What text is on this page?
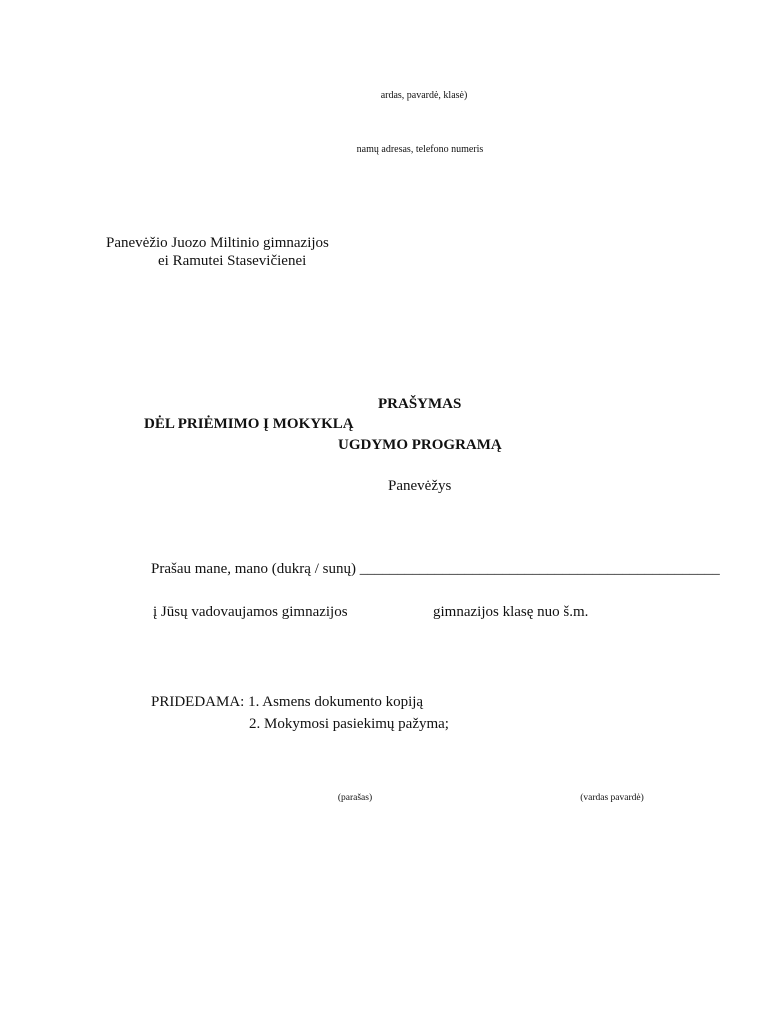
ardas, pavardė, klasė)
namų adresas, telefono numeris
Panevėžio Juozo Miltinio gimnazijos
ei Ramutei Stasevičienei
PRAŠYMAS
DĖL PRIĖMIMO Į MOKYKLĄ
UGDYMO PROGRAMĄ
Panevėžys
Prašau mane, mano (dukrą / sunų) ________________________________________________
į Jūsų vadovaujamos gimnazijos	gimnazijos klasę nuo š.m.
PRIDEDAMA: 1. Asmens dokumento kopiją
2. Mokymosi pasiekimų pažyma;
(parašas)	(vardas pavardė)
